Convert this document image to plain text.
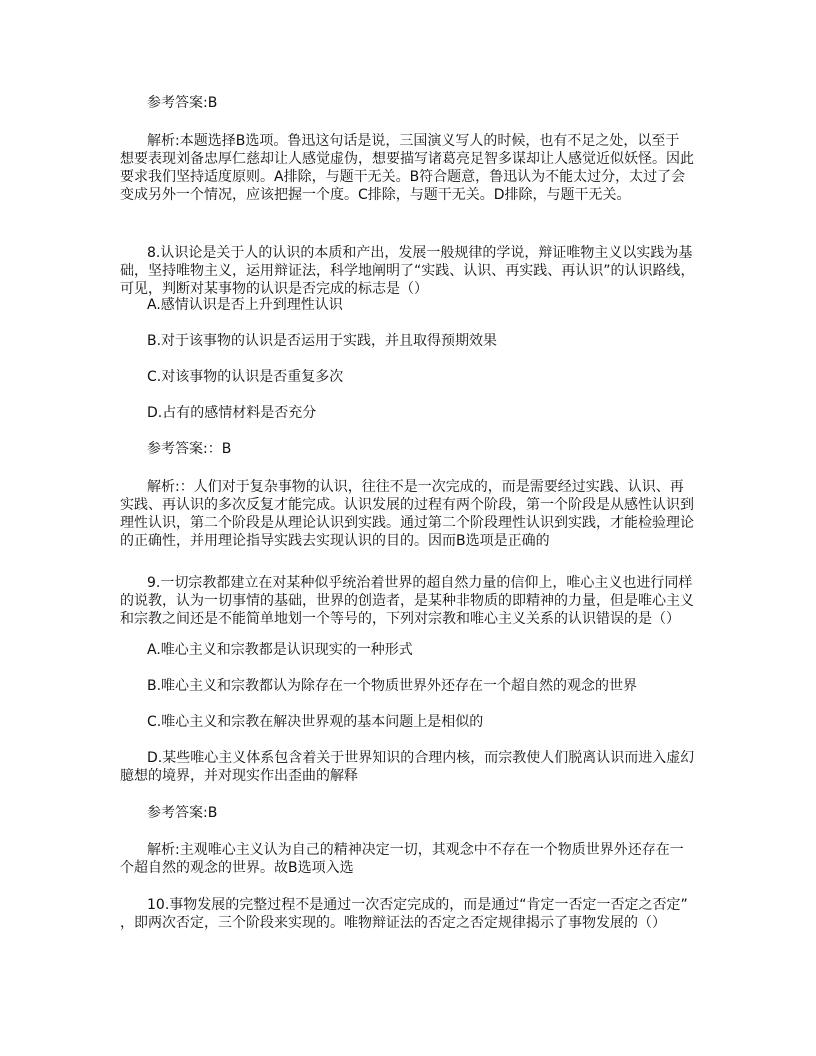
参考答案:B
解析:本题选择B选项。鲁迅这句话是说，三国演义写人的时候，也有不足之处，以至于
想要表现刘备忠厚仁慈却让人感觉虚伪，想要描写诸葛亮足智多谋却让人感觉近似妖怪。因此
要求我们坚持适度原则。A排除，与题干无关。B符合题意，鲁迅认为不能太过分，太过了会
变成另外一个情况，应该把握一个度。C排除，与题干无关。D排除，与题干无关。
8.认识论是关于人的认识的本质和产出，发展一般规律的学说，辩证唯物主义以实践为基
础，坚持唯物主义，运用辩证法，科学地阐明了“实践、认识、再实践、再认识”的认识路线，
可见，判断对某事物的认识是否完成的标志是（）
A.感情认识是否上升到理性认识
B.对于该事物的认识是否运用于实践，并且取得预期效果
C.对该事物的认识是否重复多次
D.占有的感情材料是否充分
参考答案:：B
解析:：人们对于复杂事物的认识，往往不是一次完成的，而是需要经过实践、认识、再
实践、再认识的多次反复才能完成。认识发展的过程有两个阶段，第一个阶段是从感性认识到
理性认识，第二个阶段是从理论认识到实践。通过第二个阶段理性认识到实践，才能检验理论
的正确性，并用理论指导实践去实现认识的目的。因而B选项是正确的
9.一切宗教都建立在对某种似乎统治着世界的超自然力量的信仰上，唯心主义也进行同样
的说教，认为一切事情的基础，世界的创造者，是某种非物质的即精神的力量，但是唯心主义
和宗教之间还是不能简单地划一个等号的，下列对宗教和唯心主义关系的认识错误的是（）
A.唯心主义和宗教都是认识现实的一种形式
B.唯心主义和宗教都认为除存在一个物质世界外还存在一个超自然的观念的世界
C.唯心主义和宗教在解决世界观的基本问题上是相似的
D.某些唯心主义体系包含着关于世界知识的合理内核，而宗教使人们脱离认识而进入虚幻
臆想的境界，并对现实作出歪曲的解释
参考答案:B
解析:主观唯心主义认为自己的精神决定一切，其观念中不存在一个物质世界外还存在一
个超自然的观念的世界。故B选项入选
10.事物发展的完整过程不是通过一次否定完成的，而是通过“肯定一否定一否定之否定”
，即两次否定，三个阶段来实现的。唯物辩证法的否定之否定规律揭示了事物发展的（）
